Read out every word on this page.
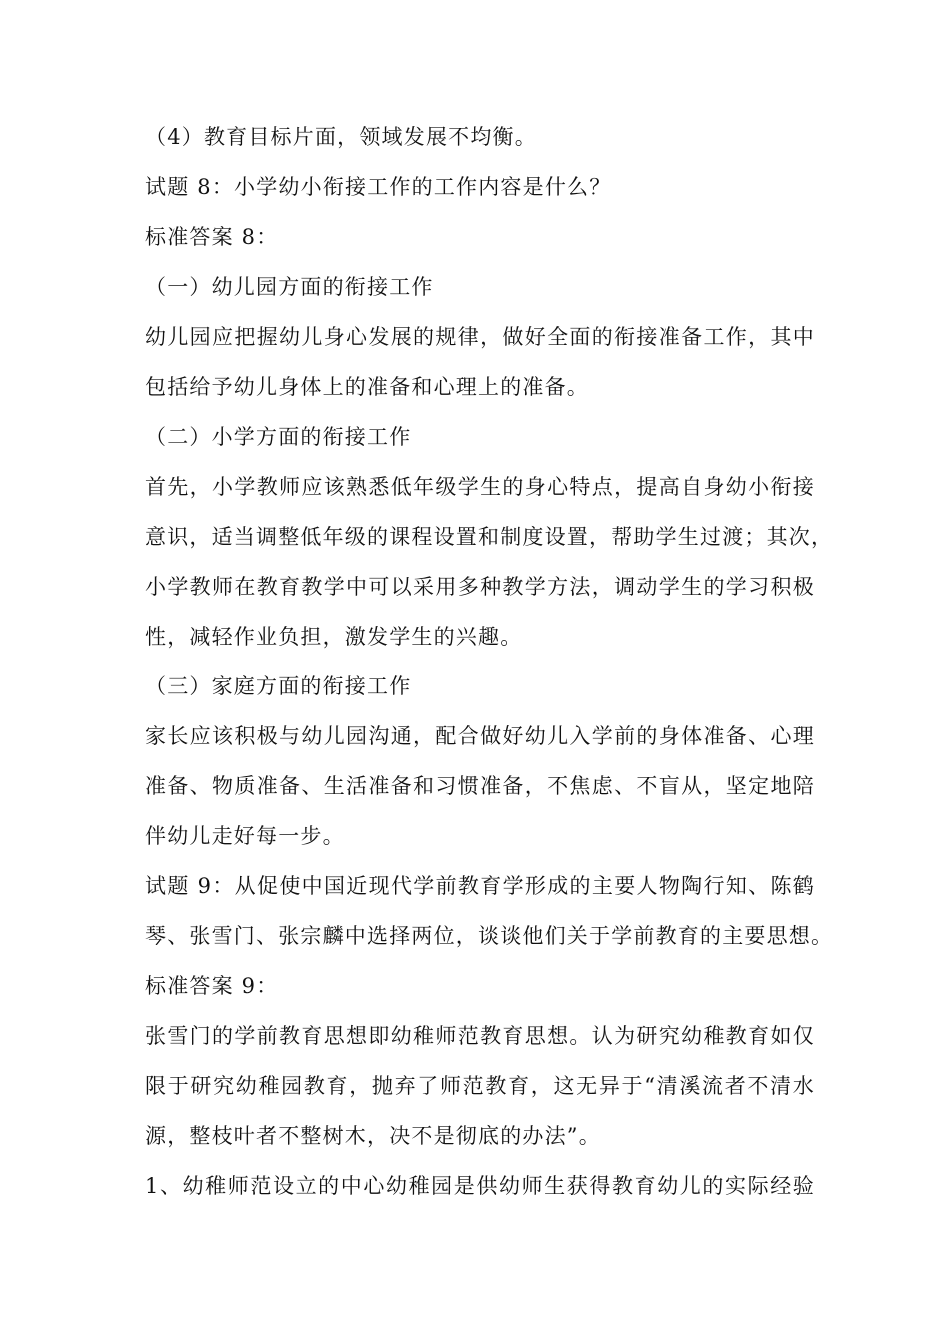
（4）教育目标片面，领域发展不均衡。
试题 8：小学幼小衔接工作的工作内容是什么？
标准答案 8：
（一）幼儿园方面的衔接工作
幼儿园应把握幼儿身心发展的规律，做好全面的衔接准备工作，其中
包括给予幼儿身体上的准备和心理上的准备。
（二）小学方面的衔接工作
首先，小学教师应该熟悉低年级学生的身心特点，提高自身幼小衔接
意识，适当调整低年级的课程设置和制度设置，帮助学生过渡；其次，
小学教师在教育教学中可以采用多种教学方法，调动学生的学习积极
性，减轻作业负担，激发学生的兴趣。
（三）家庭方面的衔接工作
家长应该积极与幼儿园沟通，配合做好幼儿入学前的身体准备、心理
准备、物质准备、生活准备和习惯准备，不焦虑、不盲从，坚定地陪
伴幼儿走好每一步。
试题 9：从促使中国近现代学前教育学形成的主要人物陶行知、陈鹤
琴、张雪门、张宗麟中选择两位，谈谈他们关于学前教育的主要思想。
标准答案 9：
张雪门的学前教育思想即幼稚师范教育思想。认为研究幼稚教育如仅
限于研究幼稚园教育，抛弃了师范教育，这无异于“清溪流者不清水
源，整枝叶者不整树木，决不是彻底的办法”。
1、幼稚师范设立的中心幼稚园是供幼师生获得教育幼儿的实际经验
